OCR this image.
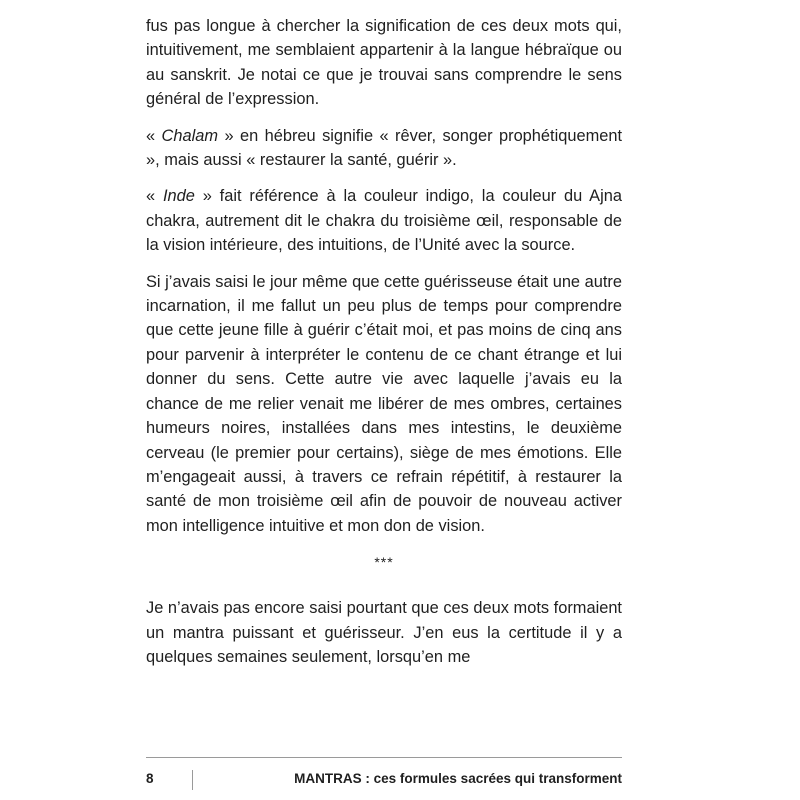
fus pas longue à chercher la signification de ces deux mots qui, intuitivement, me semblaient appartenir à la langue hébraïque ou au sanskrit. Je notai ce que je trouvai sans comprendre le sens général de l’expression.

« Chalam » en hébreu signifie « rêver, songer prophétiquement », mais aussi « restaurer la santé, guérir ».

« Inde » fait référence à la couleur indigo, la couleur du Ajna chakra, autrement dit le chakra du troisième œil, responsable de la vision intérieure, des intuitions, de l’Unité avec la source.

Si j’avais saisi le jour même que cette guérisseuse était une autre incarnation, il me fallut un peu plus de temps pour comprendre que cette jeune fille à guérir c’était moi, et pas moins de cinq ans pour parvenir à interpréter le contenu de ce chant étrange et lui donner du sens. Cette autre vie avec laquelle j’avais eu la chance de me relier venait me libérer de mes ombres, certaines humeurs noires, installées dans mes intestins, le deuxième cerveau (le premier pour certains), siège de mes émotions. Elle m’engageait aussi, à travers ce refrain répétitif, à restaurer la santé de mon troisième œil afin de pouvoir de nouveau activer mon intelligence intuitive et mon don de vision.

***

Je n’avais pas encore saisi pourtant que ces deux mots formaient un mantra puissant et guérisseur. J’en eus la certitude il y a quelques semaines seulement, lorsqu’en me

8	MANTRAS : ces formules sacrées qui transforment
